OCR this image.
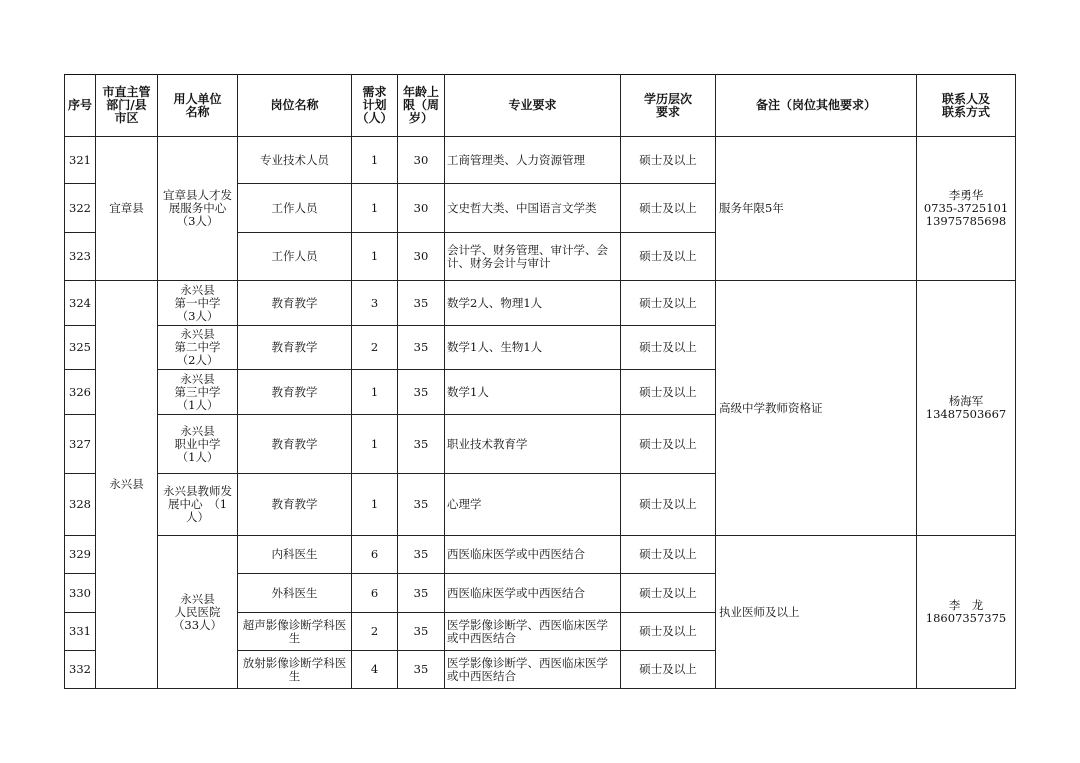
序号	市直主管
部门/县
市区	用人单位
名称	岗位名称	需求
计划
（人）	年龄上
限（周
岁）	专业要求	学历层次
要求	备注（岗位其他要求）	联系人及
联系方式

321	宜章县	宜章县人才发
展服务中心
（3人）	专业技术人员	1	30	工商管理类、人力资源管理	硕士及以上	服务年限5年	李勇华
0735-3725101
13975785698

322			工作人员	1	30	文史哲大类、中国语言文学类	硕士及以上		
323			工作人员	1	30	会计学、财务管理、审计学、会计、财务会计与审计	硕士及以上		
324	永兴县	永兴县
第一中学
（3人）	教育教学	3	35	数学2人、物理1人	硕士及以上	高级中学教师资格证	杨海军
13487503667

325		永兴县
第二中学
（2人）	教育教学	2	35	数学1人、生物1人	硕士及以上		
326		永兴县
第三中学
（1人）	教育教学	1	35	数学1人	硕士及以上		
327		永兴县
职业中学
（1人）	教育教学	1	35	职业技术教育学	硕士及以上		
328		永兴县教师发
展中心　（1
人）	教育教学	1	35	心理学	硕士及以上		
329		永兴县
人民医院
（33人）	内科医生	6	35	西医临床医学或中西医结合	硕士及以上	执业医师及以上	李　龙
18607357375

330			外科医生	6	35	西医临床医学或中西医结合	硕士及以上		
331			超声影像诊断学科医生	2	35	医学影像诊断学、西医临床医学或中西医结合	硕士及以上		
332			放射影像诊断学科医生	4	35	医学影像诊断学、西医临床医学或中西医结合	硕士及以上		
